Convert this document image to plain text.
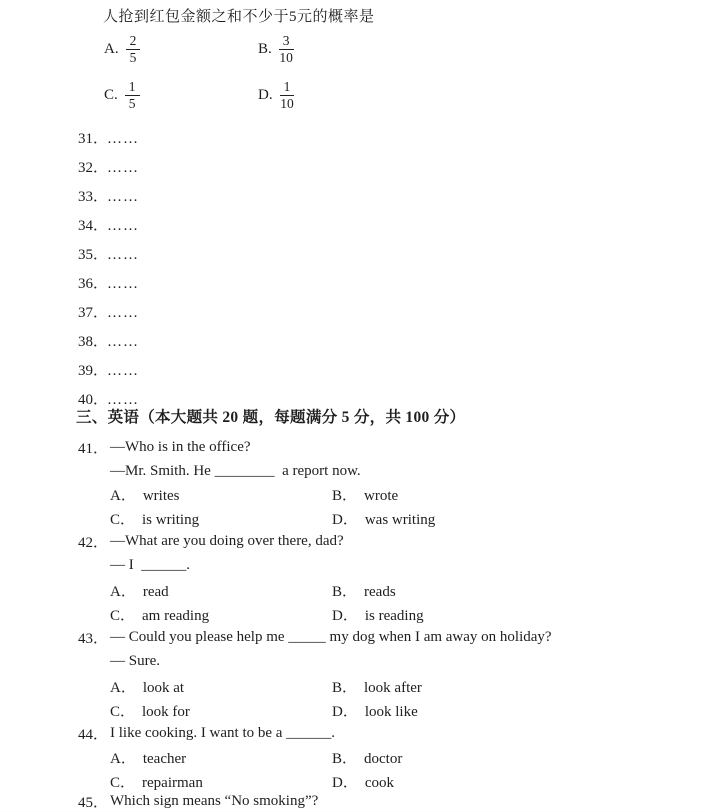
人抢到红包金额之和不少于5元的概率是
A. $\frac{2}{5}$	B. $\frac{3}{10}$
C. $\frac{1}{5}$	D. $\frac{1}{10}$
31．……
32．……
33．……
34．……
35．……
36．……
37．……
38．……
39．……
40．……
三、英语（本大题共 20 题，每题满分 5 分，共 100 分）
41． —Who is in the office?
—Mr. Smith. He ________  a report now.
A． writes	B． wrote
C． is writing	D． was writing
42． —What are you doing over there, dad?
— I  ______.
A． read	B． reads
C． am reading	D． is reading
43． — Could you please help me _____ my dog when I am away on holiday?
— Sure.
A． look at	B． look after
C． look for	D． look like
44． I like cooking. I want to be a ______.
A． teacher	B． doctor
C． repairman	D． cook
45． Which sign means “No smoking”?
